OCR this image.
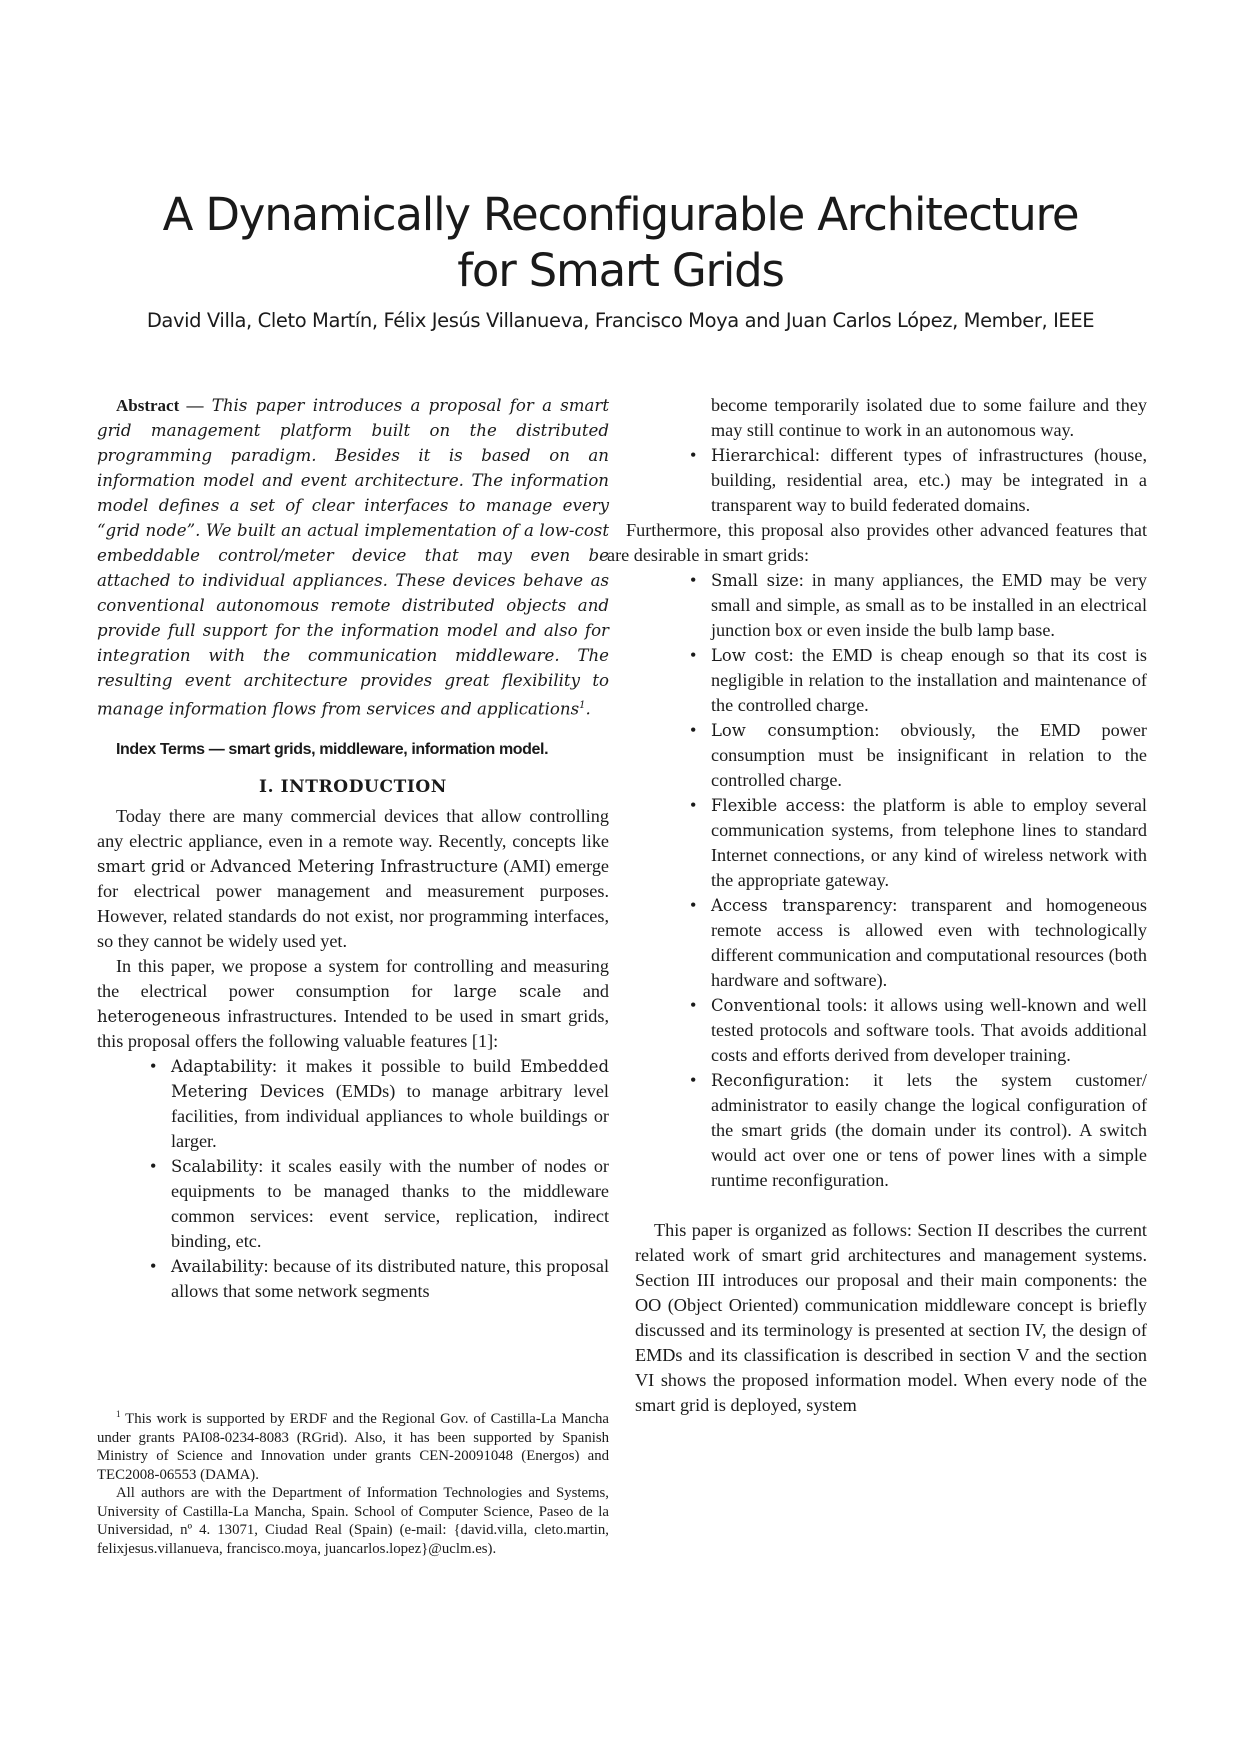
A Dynamically Reconfigurable Architecture
for Smart Grids
David Villa, Cleto Martín, Félix Jesús Villanueva, Francisco Moya and Juan Carlos López, Member, IEEE

Abstract — This paper introduces a proposal for a smart grid management platform built on the distributed programming paradigm. Besides it is based on an information model and event architecture. The information model defines a set of clear interfaces to manage every “grid node”. We built an actual implementation of a low-cost embeddable control/meter device that may even be attached to individual appliances. These devices behave as conventional autonomous remote distributed objects and provide full support for the information model and also for integration with the communication middleware. The resulting event architecture provides great flexibility to manage information flows from services and applications$^1$.

Index Terms — smart grids, middleware, information model.

I. INTRODUCTION

Today there are many commercial devices that allow controlling any electric appliance, even in a remote way. Recently, concepts like smart grid or Advanced Metering Infrastructure (AMI) emerge for electrical power management and measurement purposes. However, related standards do not exist, nor programming interfaces, so they cannot be widely used yet.

In this paper, we propose a system for controlling and measuring the electrical power consumption for large scale and heterogeneous infrastructures. Intended to be used in smart grids, this proposal offers the following valuable features [1]:

• Adaptability: it makes it possible to build Embedded Metering Devices (EMDs) to manage arbitrary level facilities, from individual appliances to whole buildings or larger.
• Scalability: it scales easily with the number of nodes or equipments to be managed thanks to the middleware common services: event service, replication, indirect binding, etc.
• Availability: because of its distributed nature, this proposal allows that some network segments

$^1$ This work is supported by ERDF and the Regional Gov. of Castilla-La Mancha under grants PAI08-0234-8083 (RGrid). Also, it has been supported by Spanish Ministry of Science and Innovation under grants CEN-20091048 (Energos) and TEC2008-06553 (DAMA).

All authors are with the Department of Information Technologies and Systems, University of Castilla-La Mancha, Spain. School of Computer Science, Paseo de la Universidad, nº 4. 13071, Ciudad Real (Spain) (e-mail: {david.villa, cleto.martin, felixjesus.villanueva, francisco.moya, juancarlos.lopez}@uclm.es).

become temporarily isolated due to some failure and they may still continue to work in an autonomous way.
• Hierarchical: different types of infrastructures (house, building, residential area, etc.) may be integrated in a transparent way to build federated domains.

Furthermore, this proposal also provides other advanced features that are desirable in smart grids:

• Small size: in many appliances, the EMD may be very small and simple, as small as to be installed in an electrical junction box or even inside the bulb lamp base.
• Low cost: the EMD is cheap enough so that its cost is negligible in relation to the installation and maintenance of the controlled charge.
• Low consumption: obviously, the EMD power consumption must be insignificant in relation to the controlled charge.
• Flexible access: the platform is able to employ several communication systems, from telephone lines to standard Internet connections, or any kind of wireless network with the appropriate gateway.
• Access transparency: transparent and homogeneous remote access is allowed even with technologically different communication and computational resources (both hardware and software).
• Conventional tools: it allows using well-known and well tested protocols and software tools. That avoids additional costs and efforts derived from developer training.
• Reconfiguration: it lets the system customer/ administrator to easily change the logical configuration of the smart grids (the domain under its control). A switch would act over one or tens of power lines with a simple runtime reconfiguration.

This paper is organized as follows: Section II describes the current related work of smart grid architectures and management systems. Section III introduces our proposal and their main components: the OO (Object Oriented) communication middleware concept is briefly discussed and its terminology is presented at section IV, the design of EMDs and its classification is described in section V and the section VI shows the proposed information model. When every node of the smart grid is deployed, system
